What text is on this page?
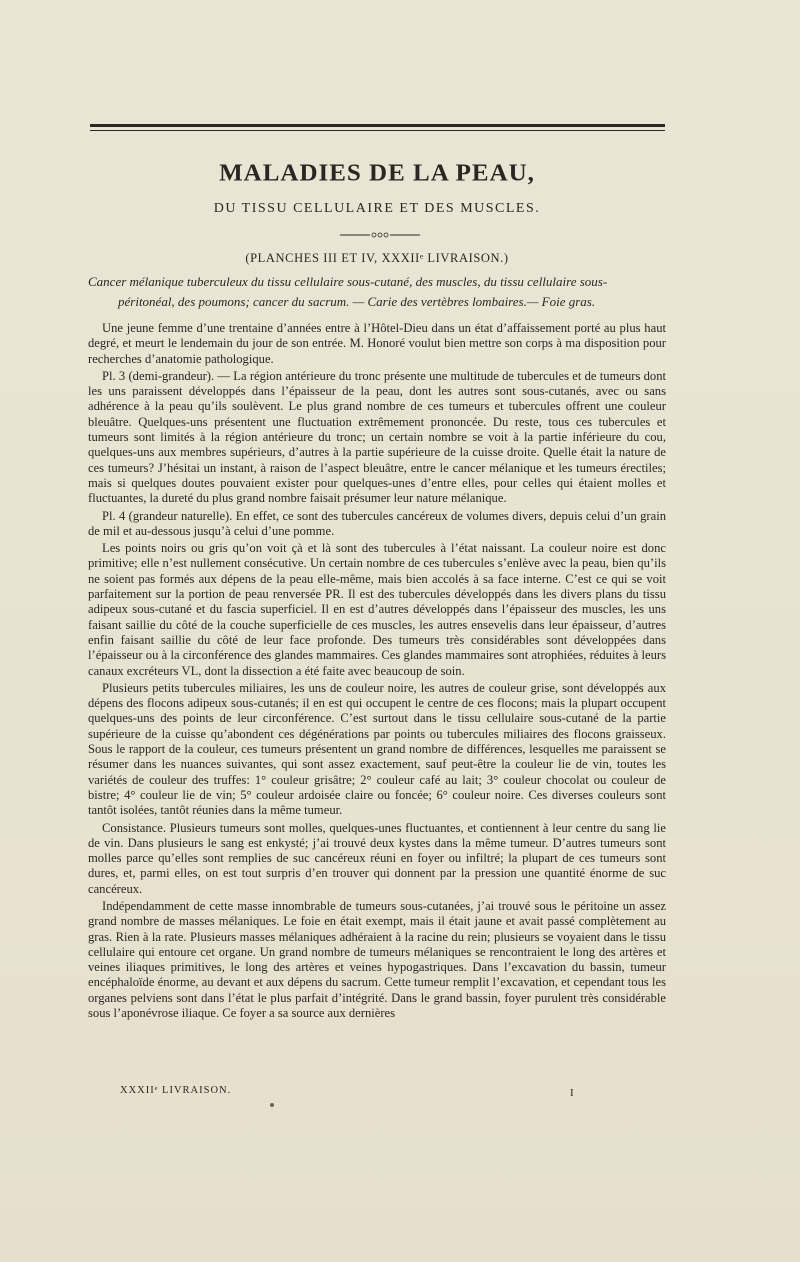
MALADIES DE LA PEAU,
DU TISSU CELLULAIRE ET DES MUSCLES.
(PLANCHES III ET IV, XXXIIᵉ LIVRAISON.)
Cancer mélanique tuberculeux du tissu cellulaire sous-cutané, des muscles, du tissu cellulaire sous-
péritonéal, des poumons; cancer du sacrum. — Carie des vertèbres lombaires.— Foie gras.

Une jeune femme d’une trentaine d’années entre à l’Hôtel-Dieu dans un état d’affaissement porté au plus haut degré, et meurt le lendemain du jour de son entrée. M. Honoré voulut bien mettre son corps à ma disposition pour recherches d’anatomie pathologique.

Pl. 3 (demi-grandeur). — La région antérieure du tronc présente une multitude de tubercules et de tumeurs dont les uns paraissent développés dans l’épaisseur de la peau, dont les autres sont sous-cutanés, avec ou sans adhérence à la peau qu’ils soulèvent. Le plus grand nombre de ces tumeurs et tubercules offrent une couleur bleuâtre. Quelques-uns présentent une fluctuation extrêmement prononcée. Du reste, tous ces tubercules et tumeurs sont limités à la région antérieure du tronc; un certain nombre se voit à la partie inférieure du cou, quelques-uns aux membres supérieurs, d’autres à la partie supérieure de la cuisse droite. Quelle était la nature de ces tumeurs? J’hésitai un instant, à raison de l’aspect bleuâtre, entre le cancer mélanique et les tumeurs érectiles; mais si quelques doutes pouvaient exister pour quelques-unes d’entre elles, pour celles qui étaient molles et fluctuantes, la dureté du plus grand nombre faisait présumer leur nature mélanique.

Pl. 4 (grandeur naturelle). En effet, ce sont des tubercules cancéreux de volumes divers, depuis celui d’un grain de mil et au-dessous jusqu’à celui d’une pomme.

Les points noirs ou gris qu’on voit çà et là sont des tubercules à l’état naissant. La couleur noire est donc primitive; elle n’est nullement consécutive. Un certain nombre de ces tubercules s’enlève avec la peau, bien qu’ils ne soient pas formés aux dépens de la peau elle-même, mais bien accolés à sa face interne. C’est ce qui se voit parfaitement sur la portion de peau renversée PR. Il est des tubercules développés dans les divers plans du tissu adipeux sous-cutané et du fascia superficiel. Il en est d’autres développés dans l’épaisseur des muscles, les uns faisant saillie du côté de la couche superficielle de ces muscles, les autres ensevelis dans leur épaisseur, d’autres enfin faisant saillie du côté de leur face profonde. Des tumeurs très considérables sont développées dans l’épaisseur ou à la circonférence des glandes mammaires. Ces glandes mammaires sont atrophiées, réduites à leurs canaux excréteurs VL, dont la dissection a été faite avec beaucoup de soin.

Plusieurs petits tubercules miliaires, les uns de couleur noire, les autres de couleur grise, sont développés aux dépens des flocons adipeux sous-cutanés; il en est qui occupent le centre de ces flocons; mais la plupart occupent quelques-uns des points de leur circonférence. C’est surtout dans le tissu cellulaire sous-cutané de la partie supérieure de la cuisse qu’abondent ces dégénérations par points ou tubercules miliaires des flocons graisseux. Sous le rapport de la couleur, ces tumeurs présentent un grand nombre de différences, lesquelles me paraissent se résumer dans les nuances suivantes, qui sont assez exactement, sauf peut-être la couleur lie de vin, toutes les variétés de couleur des truffes: 1° couleur grisâtre; 2° couleur café au lait; 3° couleur chocolat ou couleur de bistre; 4° couleur lie de vin; 5° couleur ardoisée claire ou foncée; 6° couleur noire. Ces diverses couleurs sont tantôt isolées, tantôt réunies dans la même tumeur.

Consistance. Plusieurs tumeurs sont molles, quelques-unes fluctuantes, et contiennent à leur centre du sang lie de vin. Dans plusieurs le sang est enkysté; j’ai trouvé deux kystes dans la même tumeur. D’autres tumeurs sont molles parce qu’elles sont remplies de suc cancéreux réuni en foyer ou infiltré; la plupart de ces tumeurs sont dures, et, parmi elles, on est tout surpris d’en trouver qui donnent par la pression une quantité énorme de suc cancéreux.

Indépendamment de cette masse innombrable de tumeurs sous-cutanées, j’ai trouvé sous le péritoine un assez grand nombre de masses mélaniques. Le foie en était exempt, mais il était jaune et avait passé complètement au gras. Rien à la rate. Plusieurs masses mélaniques adhéraient à la racine du rein; plusieurs se voyaient dans le tissu cellulaire qui entoure cet organe. Un grand nombre de tumeurs mélaniques se rencontraient le long des artères et veines iliaques primitives, le long des artères et veines hypogastriques. Dans l’excavation du bassin, tumeur encéphaloïde énorme, au devant et aux dépens du sacrum. Cette tumeur remplit l’excavation, et cependant tous les organes pelviens sont dans l’état le plus parfait d’intégrité. Dans le grand bassin, foyer purulent très considérable sous l’aponévrose iliaque. Ce foyer a sa source aux dernières

XXXIIᵉ LIVRAISON.	I
